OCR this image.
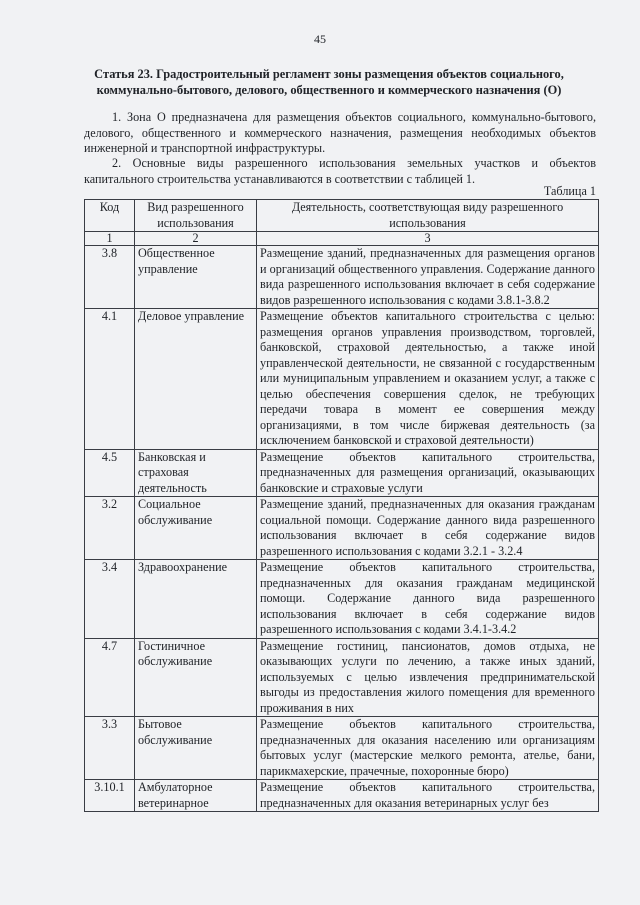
45
Статья 23. Градостроительный регламент зоны размещения объектов социального, коммунально-бытового, делового, общественного и коммерческого назначения (О)
1. Зона О предназначена для размещения объектов социального, коммунально-бытового, делового, общественного и коммерческого назначения, размещения необходимых объектов инженерной и транспортной инфраструктуры.
2. Основные виды разрешенного использования земельных участков и объектов капитального строительства устанавливаются в соответствии с таблицей 1.
Таблица 1
Код	Вид разрешенного использования	Деятельность, соответствующая виду разрешенного использования
1	2	3
3.8	Общественное управление	Размещение зданий, предназначенных для размещения органов и организаций общественного управления. Содержание данного вида разрешенного использования включает в себя содержание видов разрешенного использования с кодами 3.8.1-3.8.2
4.1	Деловое управление	Размещение объектов капитального строительства с целью: размещения органов управления производством, торговлей, банковской, страховой деятельностью, а также иной управленческой деятельности, не связанной с государственным или муниципальным управлением и оказанием услуг, а также с целью обеспечения совершения сделок, не требующих передачи товара в момент ее совершения между организациями, в том числе биржевая деятельность (за исключением банковской и страховой деятельности)
4.5	Банковская и страховая деятельность	Размещение объектов капитального строительства, предназначенных для размещения организаций, оказывающих банковские и страховые услуги
3.2	Социальное обслуживание	Размещение зданий, предназначенных для оказания гражданам социальной помощи. Содержание данного вида разрешенного использования включает в себя содержание видов разрешенного использования с кодами 3.2.1 - 3.2.4
3.4	Здравоохранение	Размещение объектов капитального строительства, предназначенных для оказания гражданам медицинской помощи. Содержание данного вида разрешенного использования включает в себя содержание видов разрешенного использования с кодами 3.4.1-3.4.2
4.7	Гостиничное обслуживание	Размещение гостиниц, пансионатов, домов отдыха, не оказывающих услуги по лечению, а также иных зданий, используемых с целью извлечения предпринимательской выгоды из предоставления жилого помещения для временного проживания в них
3.3	Бытовое обслуживание	Размещение объектов капитального строительства, предназначенных для оказания населению или организациям бытовых услуг (мастерские мелкого ремонта, ателье, бани, парикмахерские, прачечные, похоронные бюро)
3.10.1	Амбулаторное ветеринарное	Размещение объектов капитального строительства, предназначенных для оказания ветеринарных услуг без
